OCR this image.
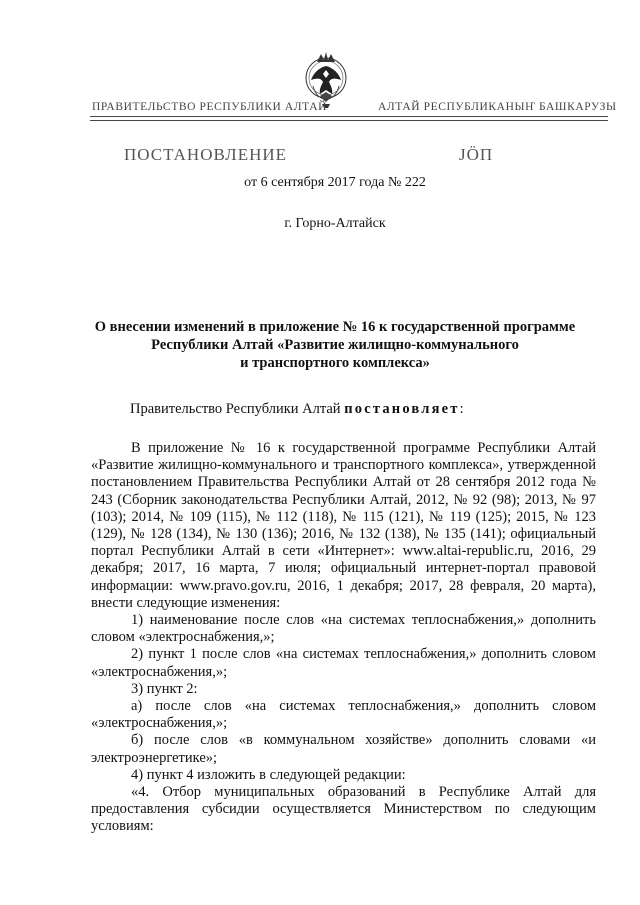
ПРАВИТЕЛЬСТВО РЕСПУБЛИКИ АЛТАЙ	АЛТАЙ РЕСПУБЛИКАНЫҤ БАШКАРУЗЫ
ПОСТАНОВЛЕНИЕ	ЈӦП
от 6 сентября 2017 года № 222
г. Горно-Алтайск
О внесении изменений в приложение № 16 к государственной программе
Республики Алтай «Развитие жилищно-коммунального
и транспортного комплекса»
Правительство Республики Алтай постановляет:

В приложение № 16 к государственной программе Республики Алтай «Развитие жилищно-коммунального и транспортного комплекса», утвержденной постановлением Правительства Республики Алтай от 28 сентября 2012 года № 243 (Сборник законодательства Республики Алтай, 2012, № 92 (98); 2013, № 97 (103); 2014, № 109 (115), № 112 (118), № 115 (121), № 119 (125); 2015, № 123 (129), № 128 (134), № 130 (136); 2016, № 132 (138), № 135 (141); официальный портал Республики Алтай в сети «Интернет»: www.altai-republic.ru, 2016, 29 декабря; 2017, 16 марта, 7 июля; официальный интернет-портал правовой информации: www.pravo.gov.ru, 2016, 1 декабря; 2017, 28 февраля, 20 марта), внести следующие изменения:

1) наименование после слов «на системах теплоснабжения,» дополнить словом «электроснабжения,»;

2) пункт 1 после слов «на системах теплоснабжения,» дополнить словом «электроснабжения,»;

3) пункт 2:

а) после слов «на системах теплоснабжения,» дополнить словом «электроснабжения,»;

б) после слов «в коммунальном хозяйстве» дополнить словами «и электроэнергетике»;

4) пункт 4 изложить в следующей редакции:

«4. Отбор муниципальных образований в Республике Алтай для предоставления субсидии осуществляется Министерством по следующим условиям:
